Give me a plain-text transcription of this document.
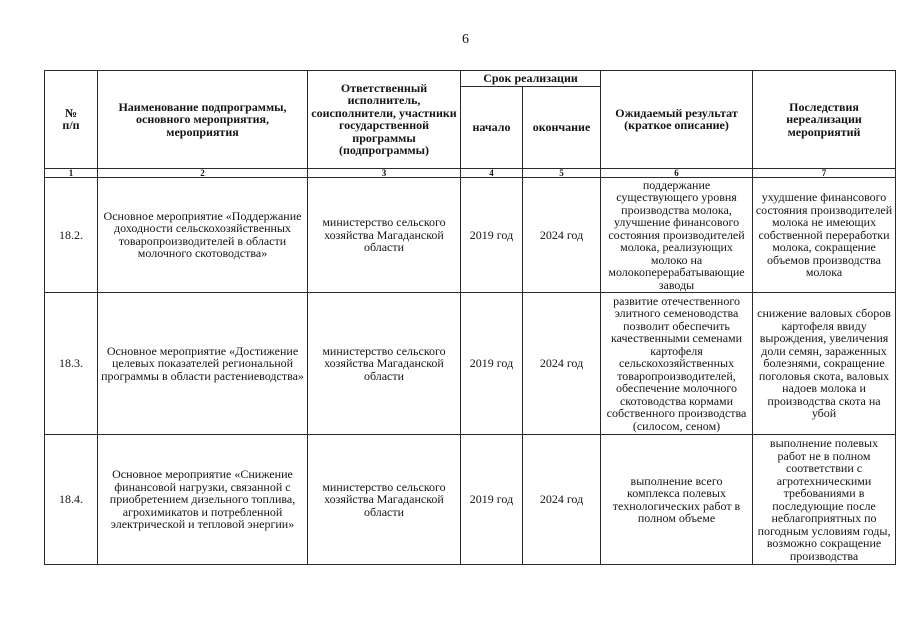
6
№ п/п	Наименование подпрограммы, основного мероприятия, мероприятия	Ответственный исполнитель, соисполнители, участники государственной программы (подпрограммы)	Срок реализации		Ожидаемый результат (краткое описание)	Последствия нереализации мероприятий
			начало	окончание		
1	2	3	4	5	6	7
18.2.	Основное мероприятие «Поддержание доходности сельскохозяйственных товаропроизводителей в области молочного скотоводства»	министерство сельского хозяйства Магаданской области	2019 год	2024 год	поддержание существующего уровня производства молока, улучшение финансового состояния производителей молока, реализующих молоко на молокоперерабатывающие заводы	ухудшение финансового состояния производителей молока не имеющих собственной переработки молока, сокращение объемов производства молока
18.3.	Основное мероприятие «Достижение целевых показателей региональной программы в области растениеводства»	министерство сельского хозяйства Магаданской области	2019 год	2024 год	развитие отечественного элитного семеноводства позволит обеспечить качественными семенами картофеля сельскохозяйственных товаропроизводителей, обеспечение молочного скотоводства кормами собственного производства (силосом, сеном)	снижение валовых сборов картофеля ввиду вырождения, увеличения доли семян, зараженных болезнями, сокращение поголовья скота, валовых надоев молока и производства скота на убой
18.4.	Основное мероприятие «Снижение финансовой нагрузки, связанной с приобретением дизельного топлива, агрохимикатов и потребленной электрической и тепловой энергии»	министерство сельского хозяйства Магаданской области	2019 год	2024 год	выполнение всего комплекса полевых технологических работ в полном объеме	выполнение полевых работ не в полном соответствии с агротехническими требованиями в последующие после неблагоприятных по погодным условиям годы, возможно сокращение производства
